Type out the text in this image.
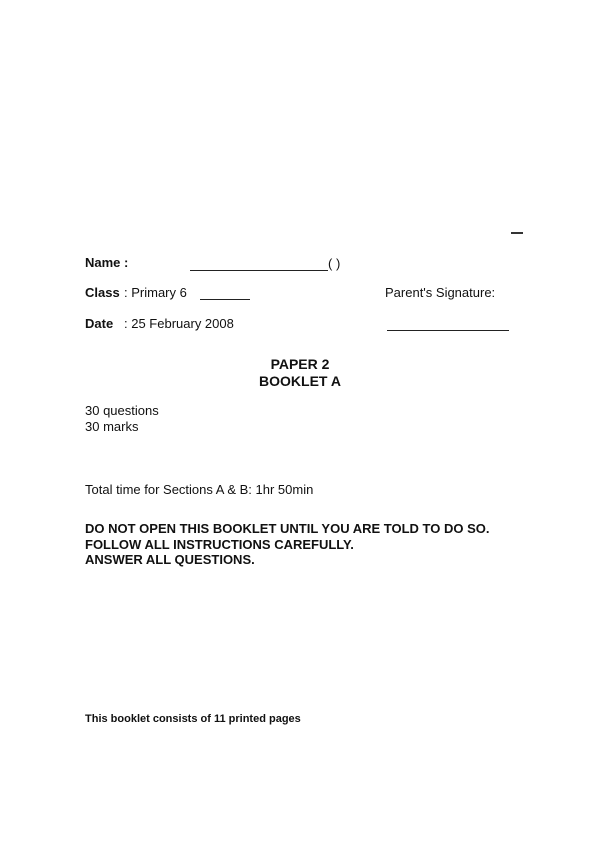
Name :	( )
Class : Primary 6	Parent's Signature:
Date : 25 February 2008
PAPER 2
BOOKLET A
30 questions
30 marks
Total time for Sections A & B: 1hr 50min
DO NOT OPEN THIS BOOKLET UNTIL YOU ARE TOLD TO DO SO.
FOLLOW ALL INSTRUCTIONS CAREFULLY.
ANSWER ALL QUESTIONS.
This booklet consists of 11 printed pages
